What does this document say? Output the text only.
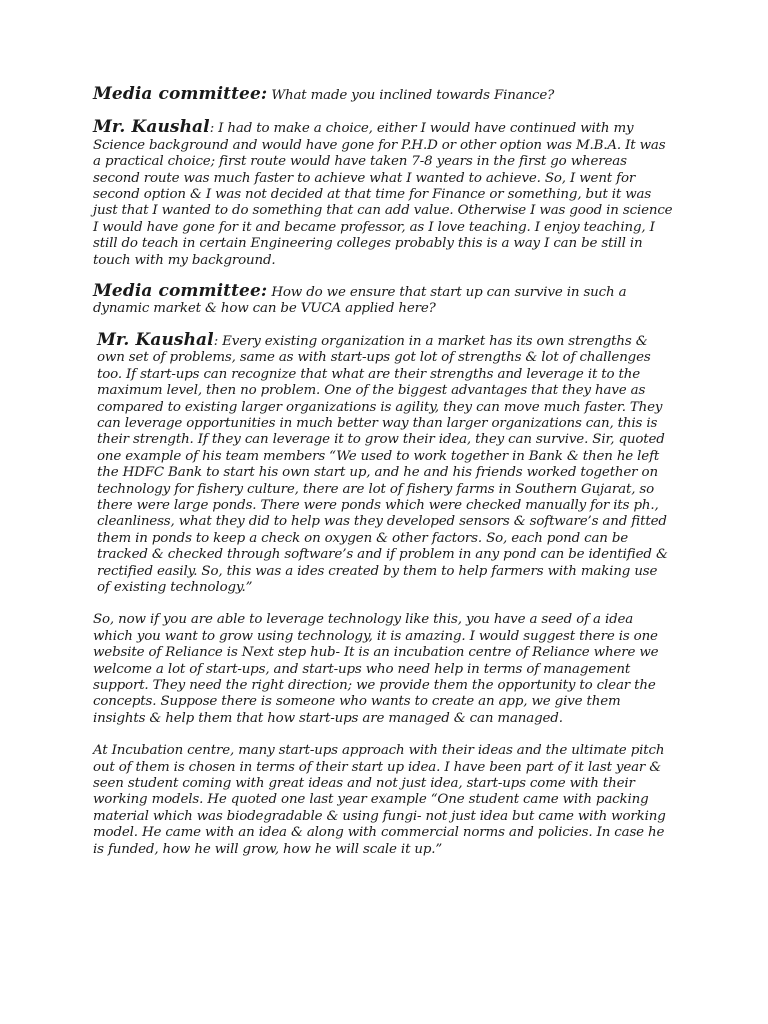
Media committee: What made you inclined towards Finance?

Mr. Kaushal: I had to make a choice, either I would have continued with my Science background and would have gone for P.H.D or other option was M.B.A. It was a practical choice; first route would have taken 7-8 years in the first go whereas second route was much faster to achieve what I wanted to achieve. So, I went for second option & I was not decided at that time for Finance or something, but it was just that I wanted to do something that can add value. Otherwise I was good in science I would have gone for it and became professor, as I love teaching. I enjoy teaching, I still do teach in certain Engineering colleges probably this is a way I can be still in touch with my background.

Media committee: How do we ensure that start up can survive in such a dynamic market & how can be VUCA applied here?

Mr. Kaushal: Every existing organization in a market has its own strengths & own set of problems, same as with start-ups got lot of strengths & lot of challenges too. If start-ups can recognize that what are their strengths and leverage it to the maximum level, then no problem. One of the biggest advantages that they have as compared to existing larger organizations is agility, they can move much faster. They can leverage opportunities in much better way than larger organizations can, this is their strength. If they can leverage it to grow their idea, they can survive. Sir, quoted one example of his team members “We used to work together in Bank & then he left the HDFC Bank to start his own start up, and he and his friends worked together on technology for fishery culture, there are lot of fishery farms in Southern Gujarat, so there were large ponds. There were ponds which were checked manually for its ph., cleanliness, what they did to help was they developed sensors & software’s and fitted them in ponds to keep a check on oxygen & other factors. So, each pond can be tracked & checked through software’s and if problem in any pond can be identified & rectified easily. So, this was a ides created by them to help farmers with making use of existing technology.”

So, now if you are able to leverage technology like this, you have a seed of a idea which you want to grow using technology, it is amazing. I would suggest there is one website of Reliance is Next step hub- It is an incubation centre of Reliance where we welcome a lot of start-ups, and start-ups who need help in terms of management support. They need the right direction; we provide them the opportunity to clear the concepts. Suppose there is someone who wants to create an app, we give them insights & help them that how start-ups are managed & can managed.

At Incubation centre, many start-ups approach with their ideas and the ultimate pitch out of them is chosen in terms of their start up idea. I have been part of it last year & seen student coming with great ideas and not just idea, start-ups come with their working models. He quoted one last year example “One student came with packing material which was biodegradable & using fungi- not just idea but came with working model. He came with an idea & along with commercial norms and policies. In case he is funded, how he will grow, how he will scale it up.”
